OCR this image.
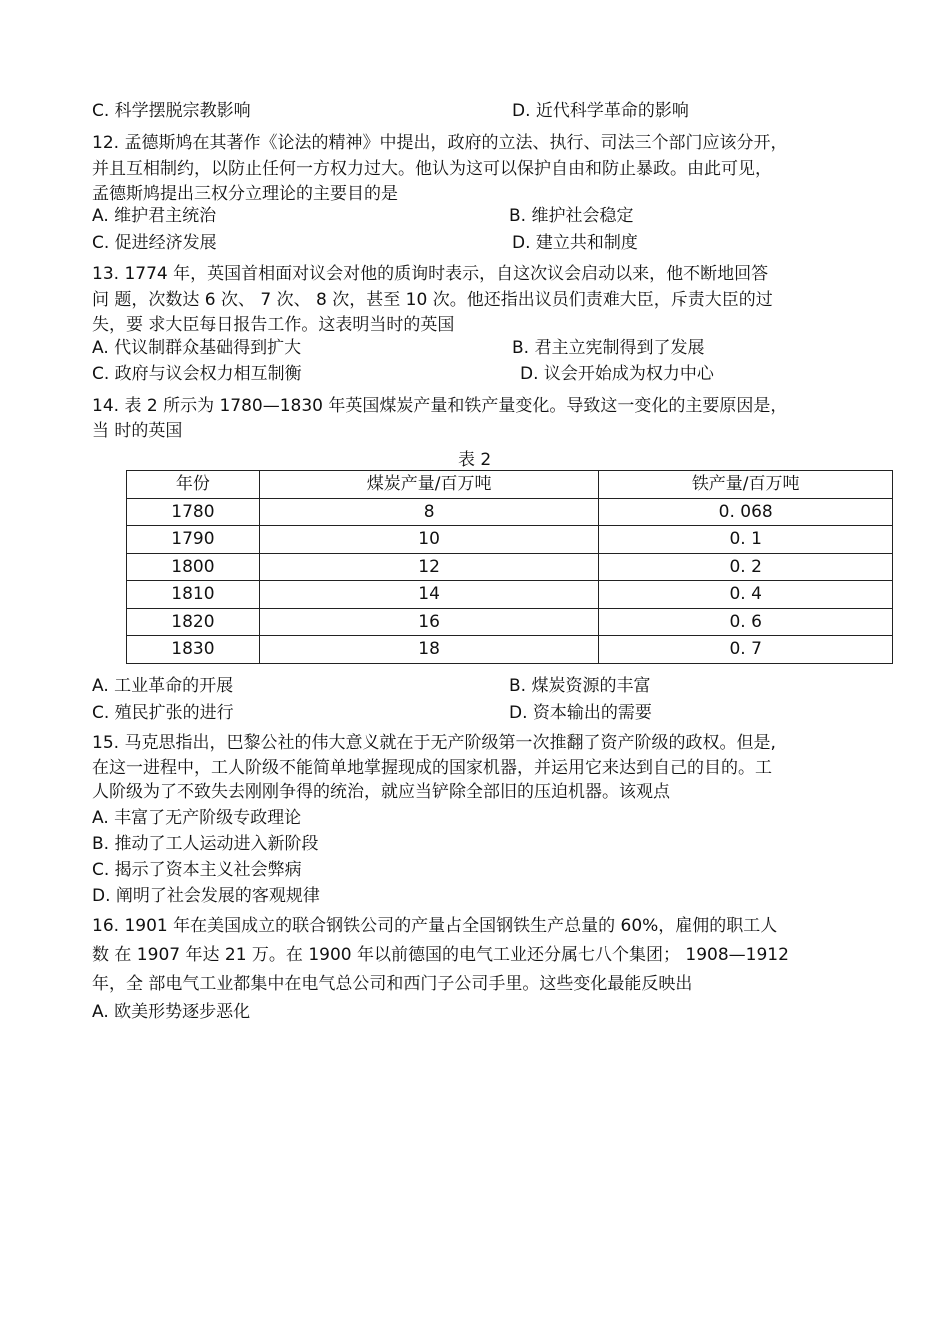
C. 科学摆脱宗教影响	D. 近代科学革命的影响
12. 孟德斯鸠在其著作《论法的精神》中提出，政府的立法、执行、司法三个部门应该分开，
并且互相制约，以防止任何一方权力过大。他认为这可以保护自由和防止暴政。由此可见，
孟德斯鸠提出三权分立理论的主要目的是
A. 维护君主统治	B. 维护社会稳定
C. 促进经济发展	D. 建立共和制度
13. 1774 年，英国首相面对议会对他的质询时表示，自这次议会启动以来，他不断地回答
问 题，次数达 6 次、 7 次、 8 次，甚至 10 次。他还指出议员们责难大臣，斥责大臣的过
失，要 求大臣每日报告工作。这表明当时的英国
A. 代议制群众基础得到扩大	B. 君主立宪制得到了发展
C. 政府与议会权力相互制衡	D. 议会开始成为权力中心
14. 表 2 所示为 1780—1830 年英国煤炭产量和铁产量变化。导致这一变化的主要原因是，
当 时的英国
表 2
年份	煤炭产量/百万吨	铁产量/百万吨
1780	8	0. 068
1790	10	0. 1
1800	12	0. 2
1810	14	0. 4
1820	16	0. 6
1830	18	0. 7
A. 工业革命的开展	B. 煤炭资源的丰富
C. 殖民扩张的进行	D. 资本输出的需要
15. 马克思指出，巴黎公社的伟大意义就在于无产阶级第一次推翻了资产阶级的政权。但是,
在这一进程中，工人阶级不能简单地掌握现成的国家机器，并运用它来达到自己的目的。工
人阶级为了不致失去刚刚争得的统治，就应当铲除全部旧的压迫机器。该观点
A. 丰富了无产阶级专政理论
B. 推动了工人运动进入新阶段
C. 揭示了资本主义社会弊病
D. 阐明了社会发展的客观规律
16. 1901 年在美国成立的联合钢铁公司的产量占全国钢铁生产总量的 60%，雇佣的职工人
数 在 1907 年达 21 万。在 1900 年以前德国的电气工业还分属七八个集团； 1908—1912
年，全 部电气工业都集中在电气总公司和西门子公司手里。这些变化最能反映出
A. 欧美形势逐步恶化
